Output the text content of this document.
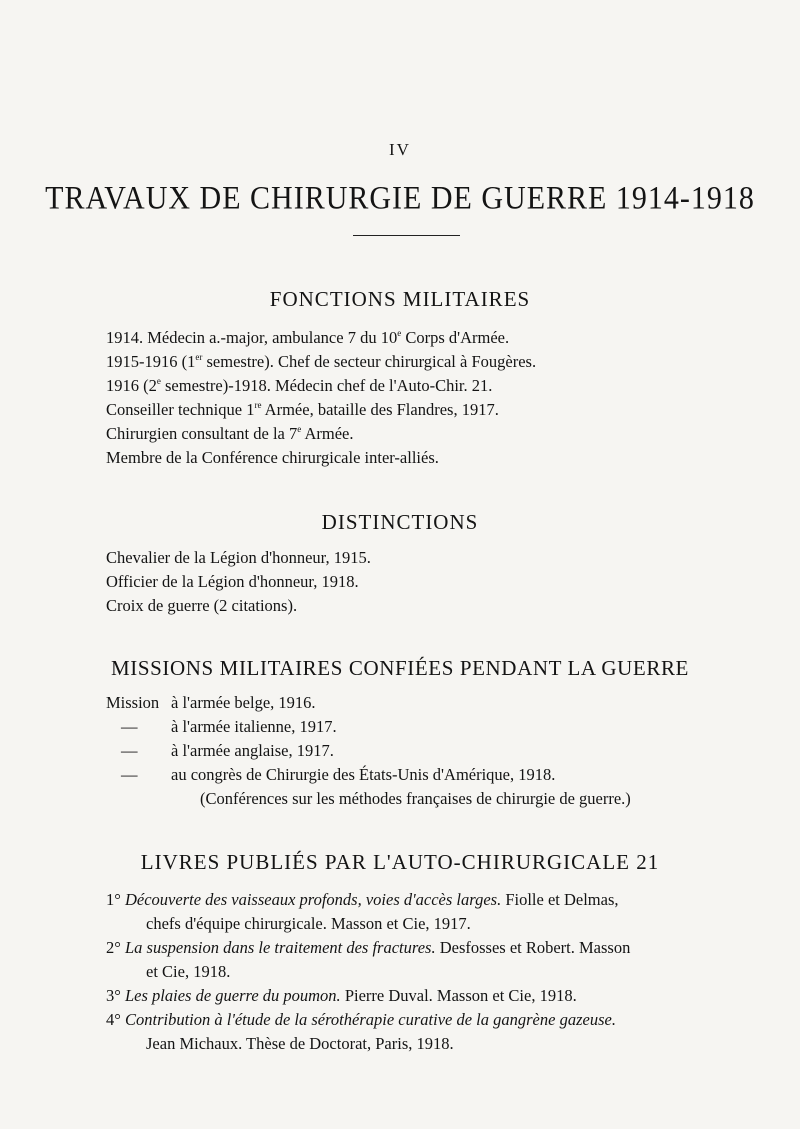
IV
TRAVAUX DE CHIRURGIE DE GUERRE 1914-1918
FONCTIONS MILITAIRES
1914. Médecin a.-major, ambulance 7 du 10e Corps d'Armée.
1915-1916 (1er semestre). Chef de secteur chirurgical à Fougères.
1916 (2e semestre)-1918. Médecin chef de l'Auto-Chir. 21.
Conseiller technique 1re Armée, bataille des Flandres, 1917.
Chirurgien consultant de la 7e Armée.
Membre de la Conférence chirurgicale inter-alliés.
DISTINCTIONS
Chevalier de la Légion d'honneur, 1915.
Officier de la Légion d'honneur, 1918.
Croix de guerre (2 citations).
MISSIONS MILITAIRES CONFIÉES PENDANT LA GUERRE
Mission à l'armée belge, 1916.
— à l'armée italienne, 1917.
— à l'armée anglaise, 1917.
— au congrès de Chirurgie des États-Unis d'Amérique, 1918.
(Conférences sur les méthodes françaises de chirurgie de guerre.)
LIVRES PUBLIÉS PAR L'AUTO-CHIRURGICALE 21
1° Découverte des vaisseaux profonds, voies d'accès larges. Fiolle et Delmas,
chefs d'équipe chirurgicale. Masson et Cie, 1917.
2° La suspension dans le traitement des fractures. Desfosses et Robert. Masson
et Cie, 1918.
3° Les plaies de guerre du poumon. Pierre Duval. Masson et Cie, 1918.
4° Contribution à l'étude de la sérothérapie curative de la gangrène gazeuse.
Jean Michaux. Thèse de Doctorat, Paris, 1918.
